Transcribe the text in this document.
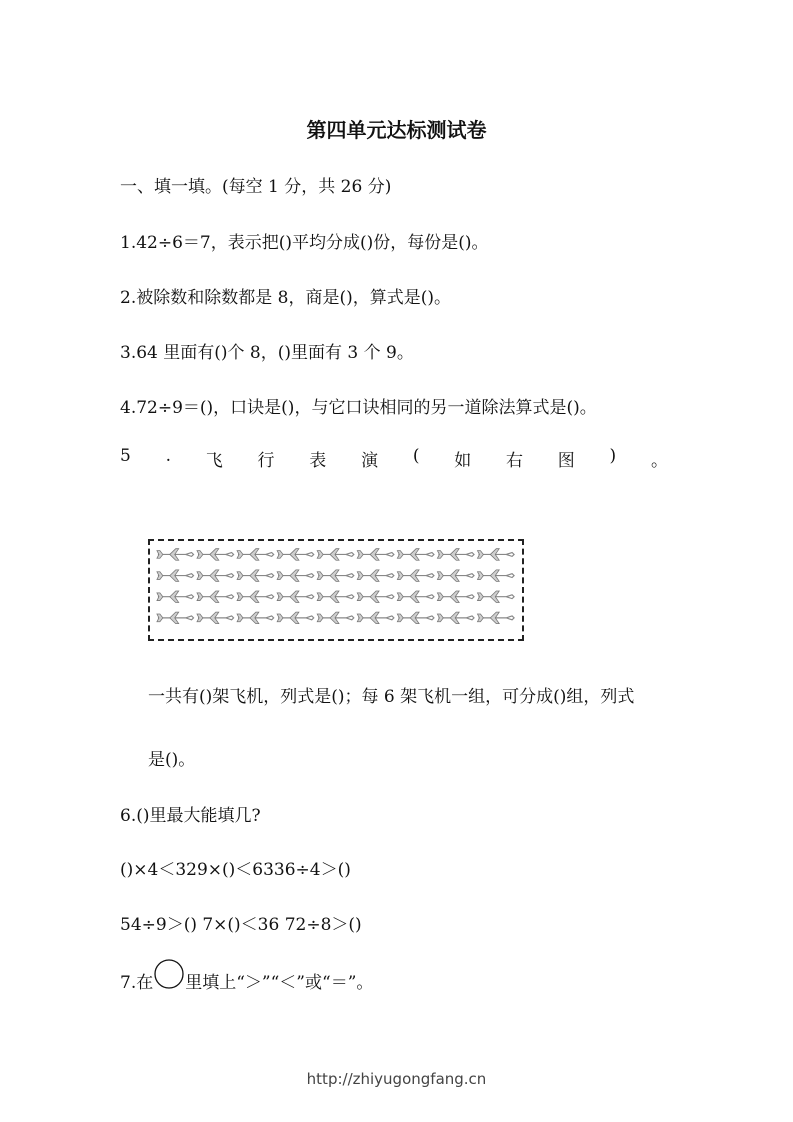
第四单元达标测试卷
一、填一填。(每空 1 分，共 26 分)
1.42÷6＝7，表示把()平均分成()份，每份是()。
2.被除数和除数都是 8，商是()，算式是()。
3.64 里面有()个 8，()里面有 3 个 9。
4.72÷9＝()，口诀是()，与它口诀相同的另一道除法算式是()。
5 . 飞 行 表 演 ( 如 右 图 ) 。
一共有()架飞机，列式是()；每 6 架飞机一组，可分成()组，列式
是()。
6.()里最大能填几?
()×4＜329×()＜6336÷4＞()
54÷9＞() 7×()＜36 72÷8＞()
7.在 里填上“＞”“＜”或“＝”。
http://zhiyugongfang.cn
